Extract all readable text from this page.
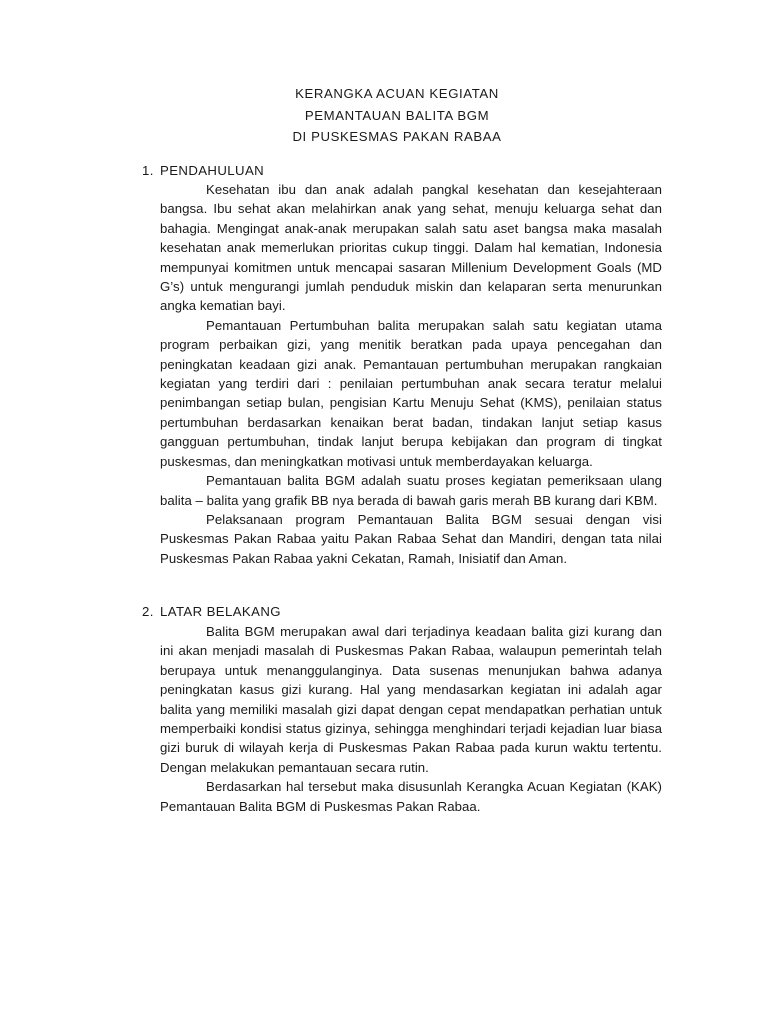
KERANGKA ACUAN KEGIATAN

PEMANTAUAN BALITA BGM

DI PUSKESMAS PAKAN RABAA

1. PENDAHULUAN

Kesehatan ibu dan anak adalah pangkal kesehatan dan kesejahteraan bangsa. Ibu sehat akan melahirkan anak yang sehat, menuju keluarga sehat dan bahagia. Mengingat anak-anak merupakan salah satu aset bangsa maka masalah kesehatan anak memerlukan prioritas cukup tinggi. Dalam hal kematian, Indonesia mempunyai komitmen untuk mencapai sasaran Millenium Development Goals (MD G’s) untuk mengurangi jumlah penduduk miskin dan kelaparan serta menurunkan angka kematian bayi.

Pemantauan Pertumbuhan balita merupakan salah satu kegiatan utama program perbaikan gizi, yang menitik beratkan pada upaya pencegahan dan peningkatan keadaan gizi anak. Pemantauan pertumbuhan merupakan rangkaian kegiatan yang terdiri dari : penilaian pertumbuhan anak secara teratur melalui penimbangan setiap bulan, pengisian Kartu Menuju Sehat (KMS), penilaian status pertumbuhan berdasarkan kenaikan berat badan, tindakan lanjut setiap kasus gangguan pertumbuhan, tindak lanjut berupa kebijakan dan program di tingkat puskesmas, dan meningkatkan motivasi untuk memberdayakan keluarga.

Pemantauan balita BGM adalah suatu proses kegiatan pemeriksaan ulang balita – balita yang grafik BB nya berada di bawah garis merah BB kurang dari KBM.

Pelaksanaan program Pemantauan Balita BGM sesuai dengan visi Puskesmas Pakan Rabaa yaitu Pakan Rabaa Sehat dan Mandiri, dengan tata nilai Puskesmas Pakan Rabaa yakni Cekatan, Ramah, Inisiatif dan Aman.

2. LATAR BELAKANG

Balita BGM merupakan awal dari terjadinya keadaan balita gizi kurang dan ini akan menjadi masalah di Puskesmas Pakan Rabaa, walaupun pemerintah telah berupaya untuk menanggulanginya. Data susenas menunjukan bahwa adanya peningkatan kasus gizi kurang. Hal yang mendasarkan kegiatan ini adalah agar balita yang memiliki masalah gizi dapat dengan cepat mendapatkan perhatian untuk memperbaiki kondisi status gizinya, sehingga menghindari terjadi kejadian luar biasa gizi buruk di wilayah kerja di Puskesmas Pakan Rabaa pada kurun waktu tertentu. Dengan melakukan pemantauan secara rutin.

Berdasarkan hal tersebut maka disusunlah Kerangka Acuan Kegiatan (KAK) Pemantauan Balita BGM di Puskesmas Pakan Rabaa.
